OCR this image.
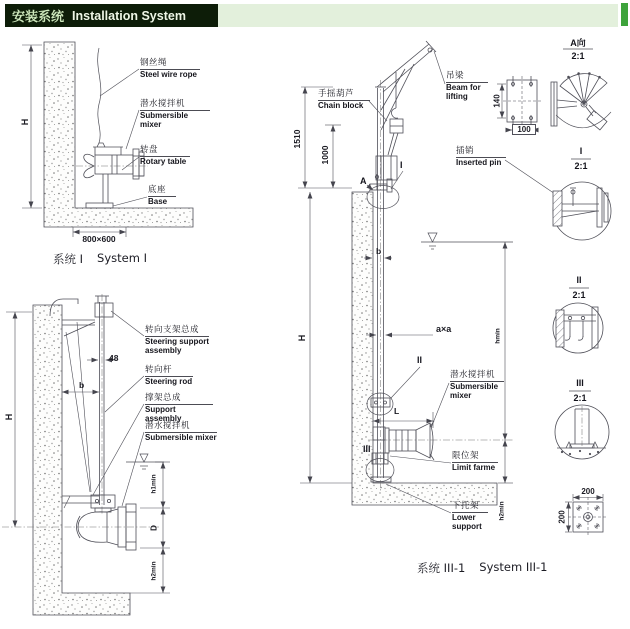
安装系统 Installation System
H
钢丝绳
Steel wire rope
潜水搅拌机
Submersible mixer
转盘
Rotary table
底座
Base
800×600
系统 I System I
H
48
b
转向支架总成
Steering support assembly
转向杆
Steering rod
撑架总成
Support assembly
潜水搅拌机
Submersible mixer
h1min
D
h2min
手摇葫芦
Chain block
吊梁
Beam for lifting
1510
1000
A
I
b
H
a×a
II
潜水搅拌机
Submersible mixer
L
III
限位架
Limit farme
下托架
Lower support
hmin
h2min
系统 III-1 System III-1
A向
2:1
140
100
插销
Inserted pin
I
2:1
II
2:1
III
2:1
200
200
